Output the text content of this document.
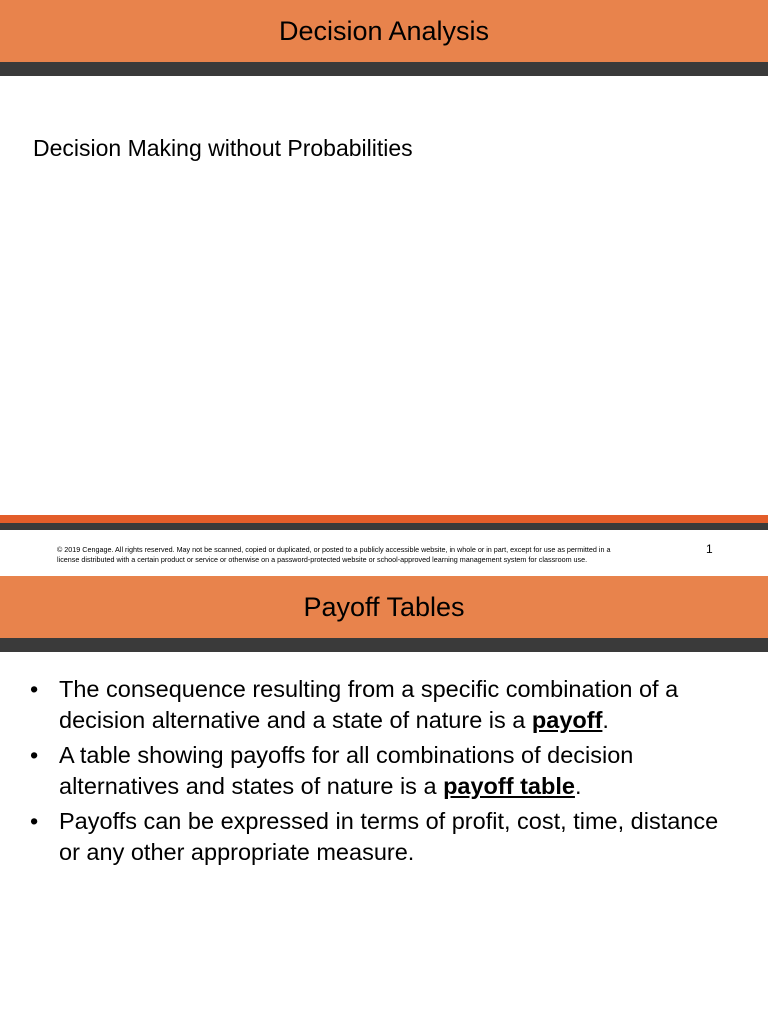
Decision Analysis
Decision Making without Probabilities
© 2019 Cengage. All rights reserved. May not be scanned, copied or duplicated, or posted to a publicly accessible website, in whole or in part, except for use as permitted in a
license distributed with a certain product or service or otherwise on a password-protected website or school-approved learning management system for classroom use.
1
Payoff Tables
• The consequence resulting from a specific combination of a decision alternative and a state of nature is a payoff.
• A table showing payoffs for all combinations of decision alternatives and states of nature is a payoff table.
• Payoffs can be expressed in terms of profit, cost, time, distance or any other appropriate measure.
